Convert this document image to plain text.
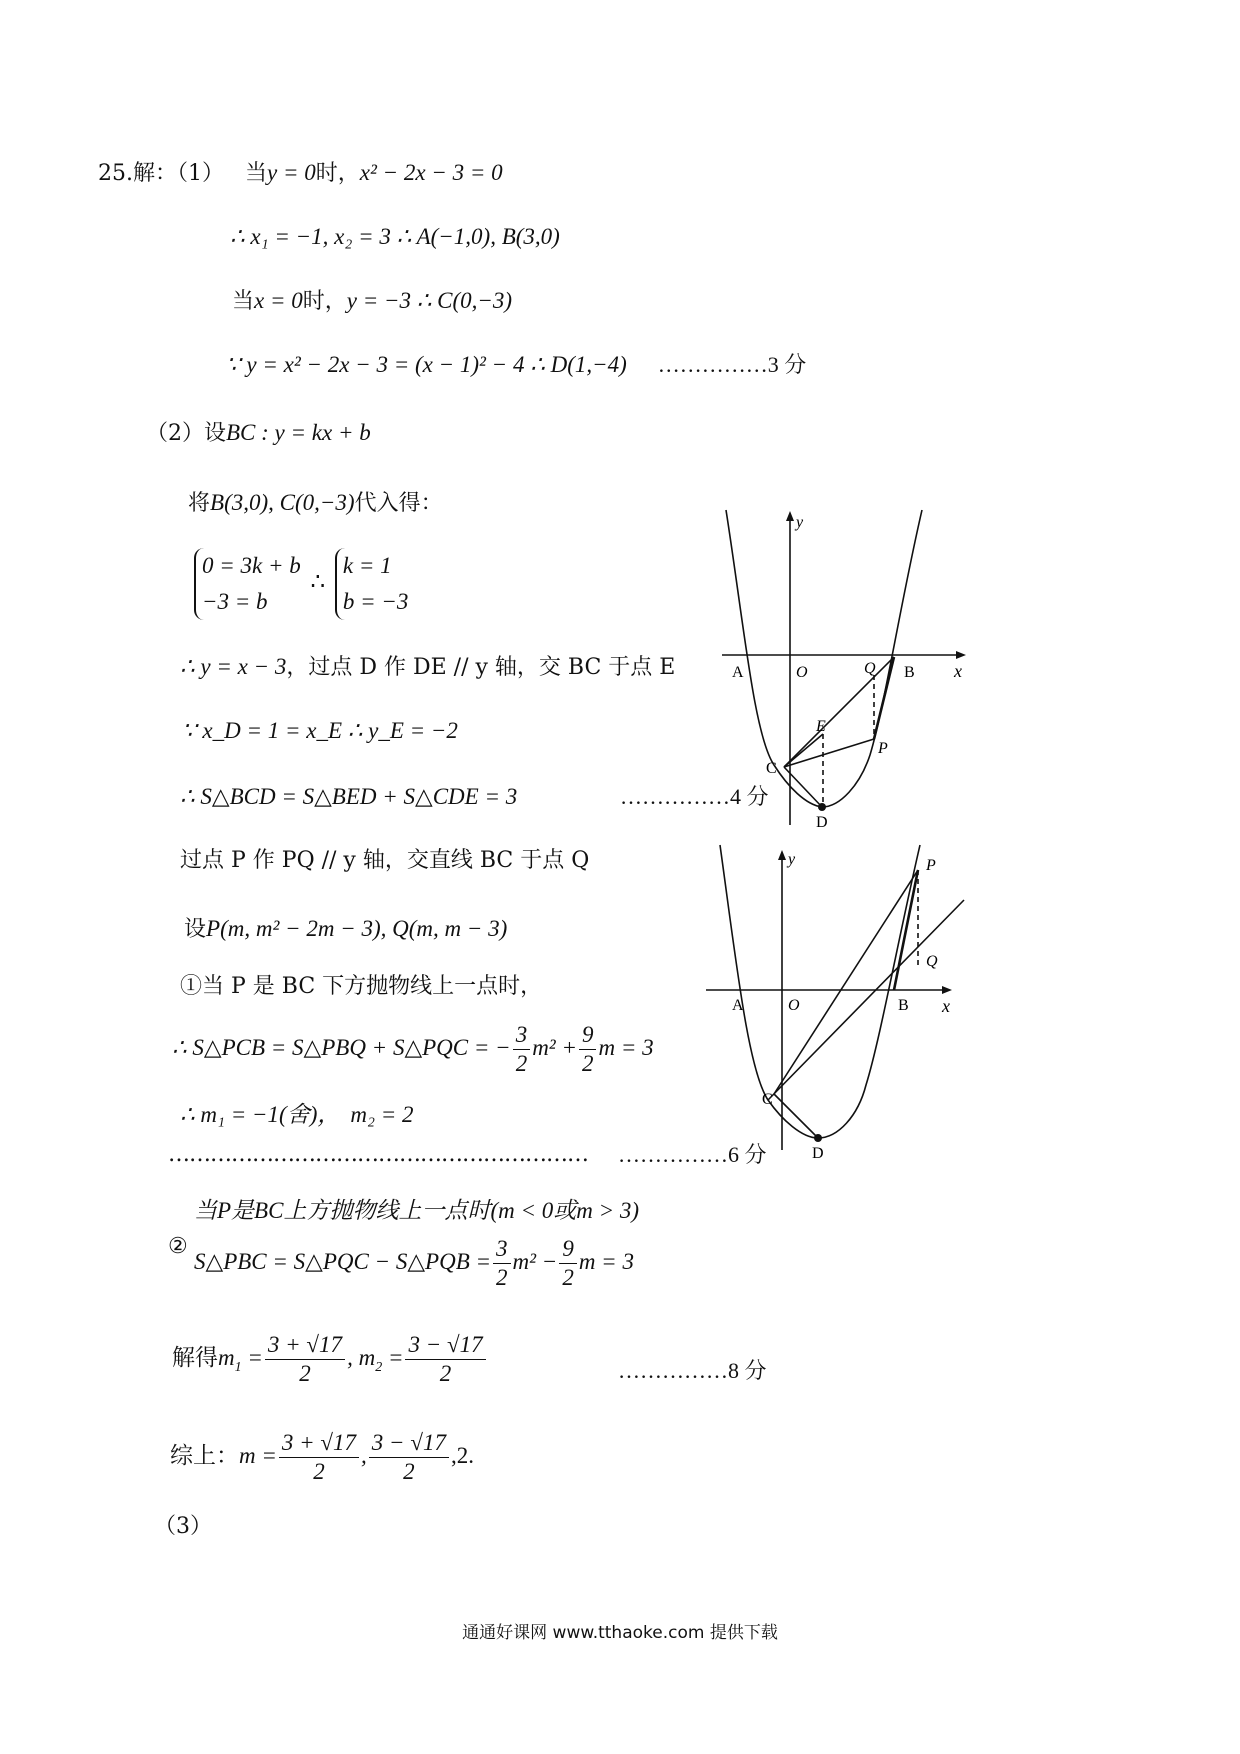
25.解：（1） 当y = 0时，x² − 2x − 3 = 0
∴ x₁ = −1, x₂ = 3 ∴ A(−1,0), B(3,0)
当x = 0时，y = −3 ∴ C(0,−3)
∵ y = x² − 2x − 3 = (x − 1)² − 4 ∴ D(1,−4) ……………3 分
（2）设BC : y = kx + b
将B(3,0), C(0,−3)代入得：
0 = 3k + b
−3 = b
∴
k = 1
b = −3
∴ y = x − 3，过点 D 作 DE // y 轴，交 BC 于点 E
∵ x_D = 1 = x_E ∴ y_E = −2
∴ S△BCD = S△BED + S△CDE = 3	……………4 分
过点 P 作 PQ // y 轴，交直线 BC 于点 Q
设P(m, m² − 2m − 3), Q(m, m − 3)
①当 P 是 BC 下方抛物线上一点时，
∴ S△PCB = S△PBQ + S△PQC = − $\frac{3}{2} m^2 + \frac{9}{2}$ m = 3
∴ m₁ = −1(舍)， m₂ = 2
…………………………………………………… ……………6 分
当P是BC上方抛物线上一点时(m < 0或m > 3)
②
S△PBC = S△PQC − S△PQB = $\frac{3}{2} m^2 - \frac{9}{2}$ m = 3
解得$m_1 = \frac{3 + √17}{2}$ , $m_2 = \frac{3 - √17}{2}$	……………8 分
综上：$m = \frac{3 + √17}{2}$ , $\frac{3 - √17}{2} ,2$.
（3）
y
x
A	O	B
Q
E
P
C
D
y
x
A	O	B
P
Q
C
D
通通好课网 www.tthaoke.com 提供下载
